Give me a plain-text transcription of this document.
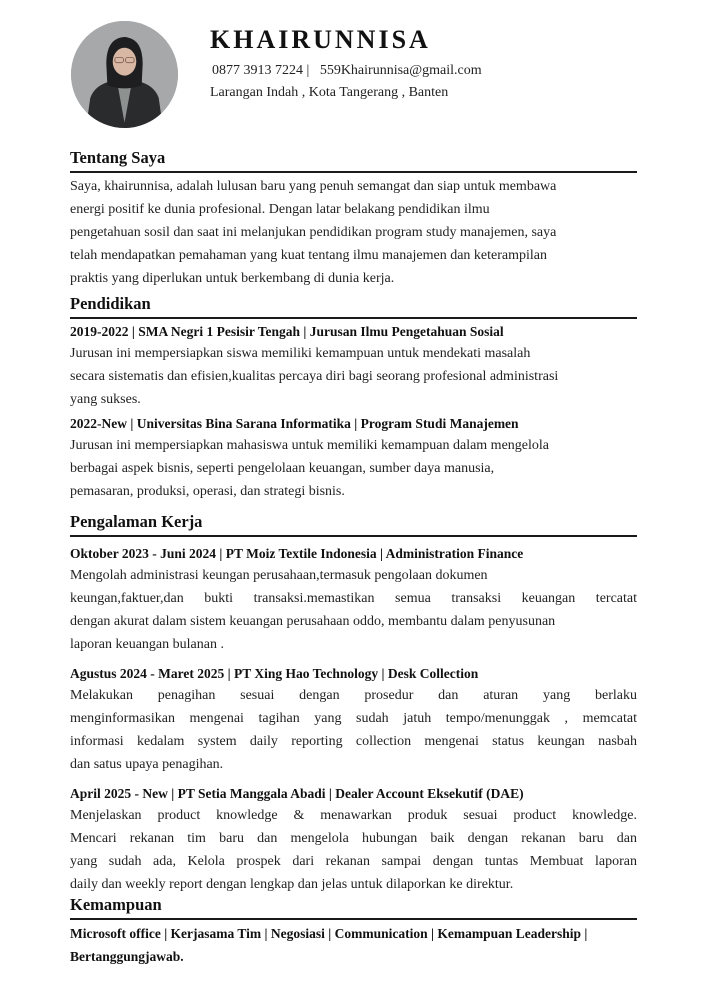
KHAIRUNNISA
0877 3913 7224 | 559Khairunnisa@gmail.com
Larangan Indah , Kota Tangerang , Banten
Tentang Saya
Saya, khairunnisa, adalah lulusan baru yang penuh semangat dan siap untuk membawa
energi positif ke dunia profesional. Dengan latar belakang pendidikan ilmu
pengetahuan sosil dan saat ini melanjukan pendidikan program study manajemen, saya
telah mendapatkan pemahaman yang kuat tentang ilmu manajemen dan keterampilan
praktis yang diperlukan untuk berkembang di dunia kerja.
Pendidikan
2019-2022 | SMA Negri 1 Pesisir Tengah | Jurusan Ilmu Pengetahuan Sosial
Jurusan ini mempersiapkan siswa memiliki kemampuan untuk mendekati masalah
secara sistematis dan efisien,kualitas percaya diri bagi seorang profesional administrasi
yang sukses.
2022-New | Universitas Bina Sarana Informatika | Program Studi Manajemen
Jurusan ini mempersiapkan mahasiswa untuk memiliki kemampuan dalam mengelola
berbagai aspek bisnis, seperti pengelolaan keuangan, sumber daya manusia,
pemasaran, produksi, operasi, dan strategi bisnis.
Pengalaman Kerja
Oktober 2023 - Juni 2024 | PT Moiz Textile Indonesia | Administration Finance
Mengolah administrasi keungan perusahaan,termasuk pengolaan dokumen
keungan,faktuer,dan bukti transaksi.memastikan semua transaksi keuangan tercatat
dengan akurat dalam sistem keuangan perusahaan oddo, membantu dalam penyusunan
laporan keuangan bulanan .
Agustus 2024 - Maret 2025 | PT Xing Hao Technology | Desk Collection
Melakukan penagihan sesuai dengan prosedur dan aturan yang berlaku
menginformasikan mengenai tagihan yang sudah jatuh tempo/menunggak , memcatat
informasi kedalam system daily reporting collection mengenai status keungan nasbah
dan satus upaya penagihan.
April 2025 - New | PT Setia Manggala Abadi | Dealer Account Eksekutif (DAE)
Menjelaskan product knowledge & menawarkan produk sesuai product knowledge.
Mencari rekanan tim baru dan mengelola hubungan baik dengan rekanan baru dan
yang sudah ada, Kelola prospek dari rekanan sampai dengan tuntas Membuat laporan
daily dan weekly report dengan lengkap dan jelas untuk dilaporkan ke direktur.
Kemampuan
Microsoft office | Kerjasama Tim | Negosiasi | Communication | Kemampuan Leadership |
Bertanggungjawab.
